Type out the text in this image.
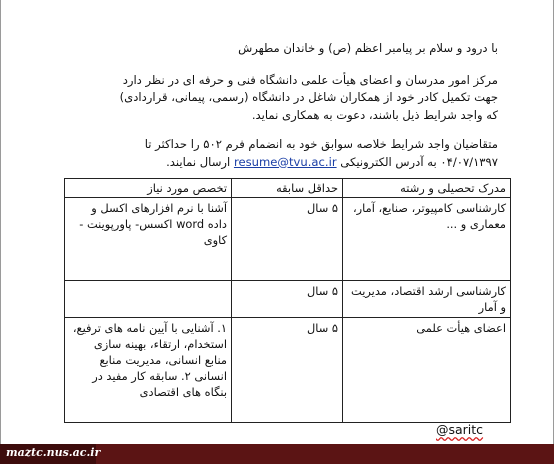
با درود و سلام بر پیامبر اعظم (ص) و خاندان مطهرش

مرکز امور مدرسان و اعضای هیأت علمی دانشگاه فنی و حرفه ای در نظر دارد

جهت تکمیل کادر خود از همکاران شاغل در دانشگاه (رسمی، پیمانی، قراردادی)

که واجد شرایط ذیل باشند، دعوت به همکاری نماید.

متقاضیان واجد شرایط خلاصه سوابق خود به انضمام فرم ۵۰۲ را حداکثر تا

۰۴/۰۷/۱۳۹۷ به آدرس الکترونیکی resume@tvu.ac.ir ارسال نمایند.

مدرک تحصیلی و رشته	حداقل سابقه	تخصص مورد نیاز
کارشناسی کامپیوتر، صنایع، آمار، معماری و ...	۵ سال	آشنا با نرم افزارهای اکسل و داده word اکسس- پاورپوینت - کاوی
کارشناسی ارشد اقتصاد، مدیریت و آمار	۵ سال	
اعضای هیأت علمی	۵ سال	۱. آشنایی با آیین نامه های ترفیع، استخدام، ارتقاء، بهینه سازی منابع انسانی، مدیریت منابع انسانی ۲. سابقه کار مفید در بنگاه های اقتصادی
@saritc
maztc.nus.ac.ir
